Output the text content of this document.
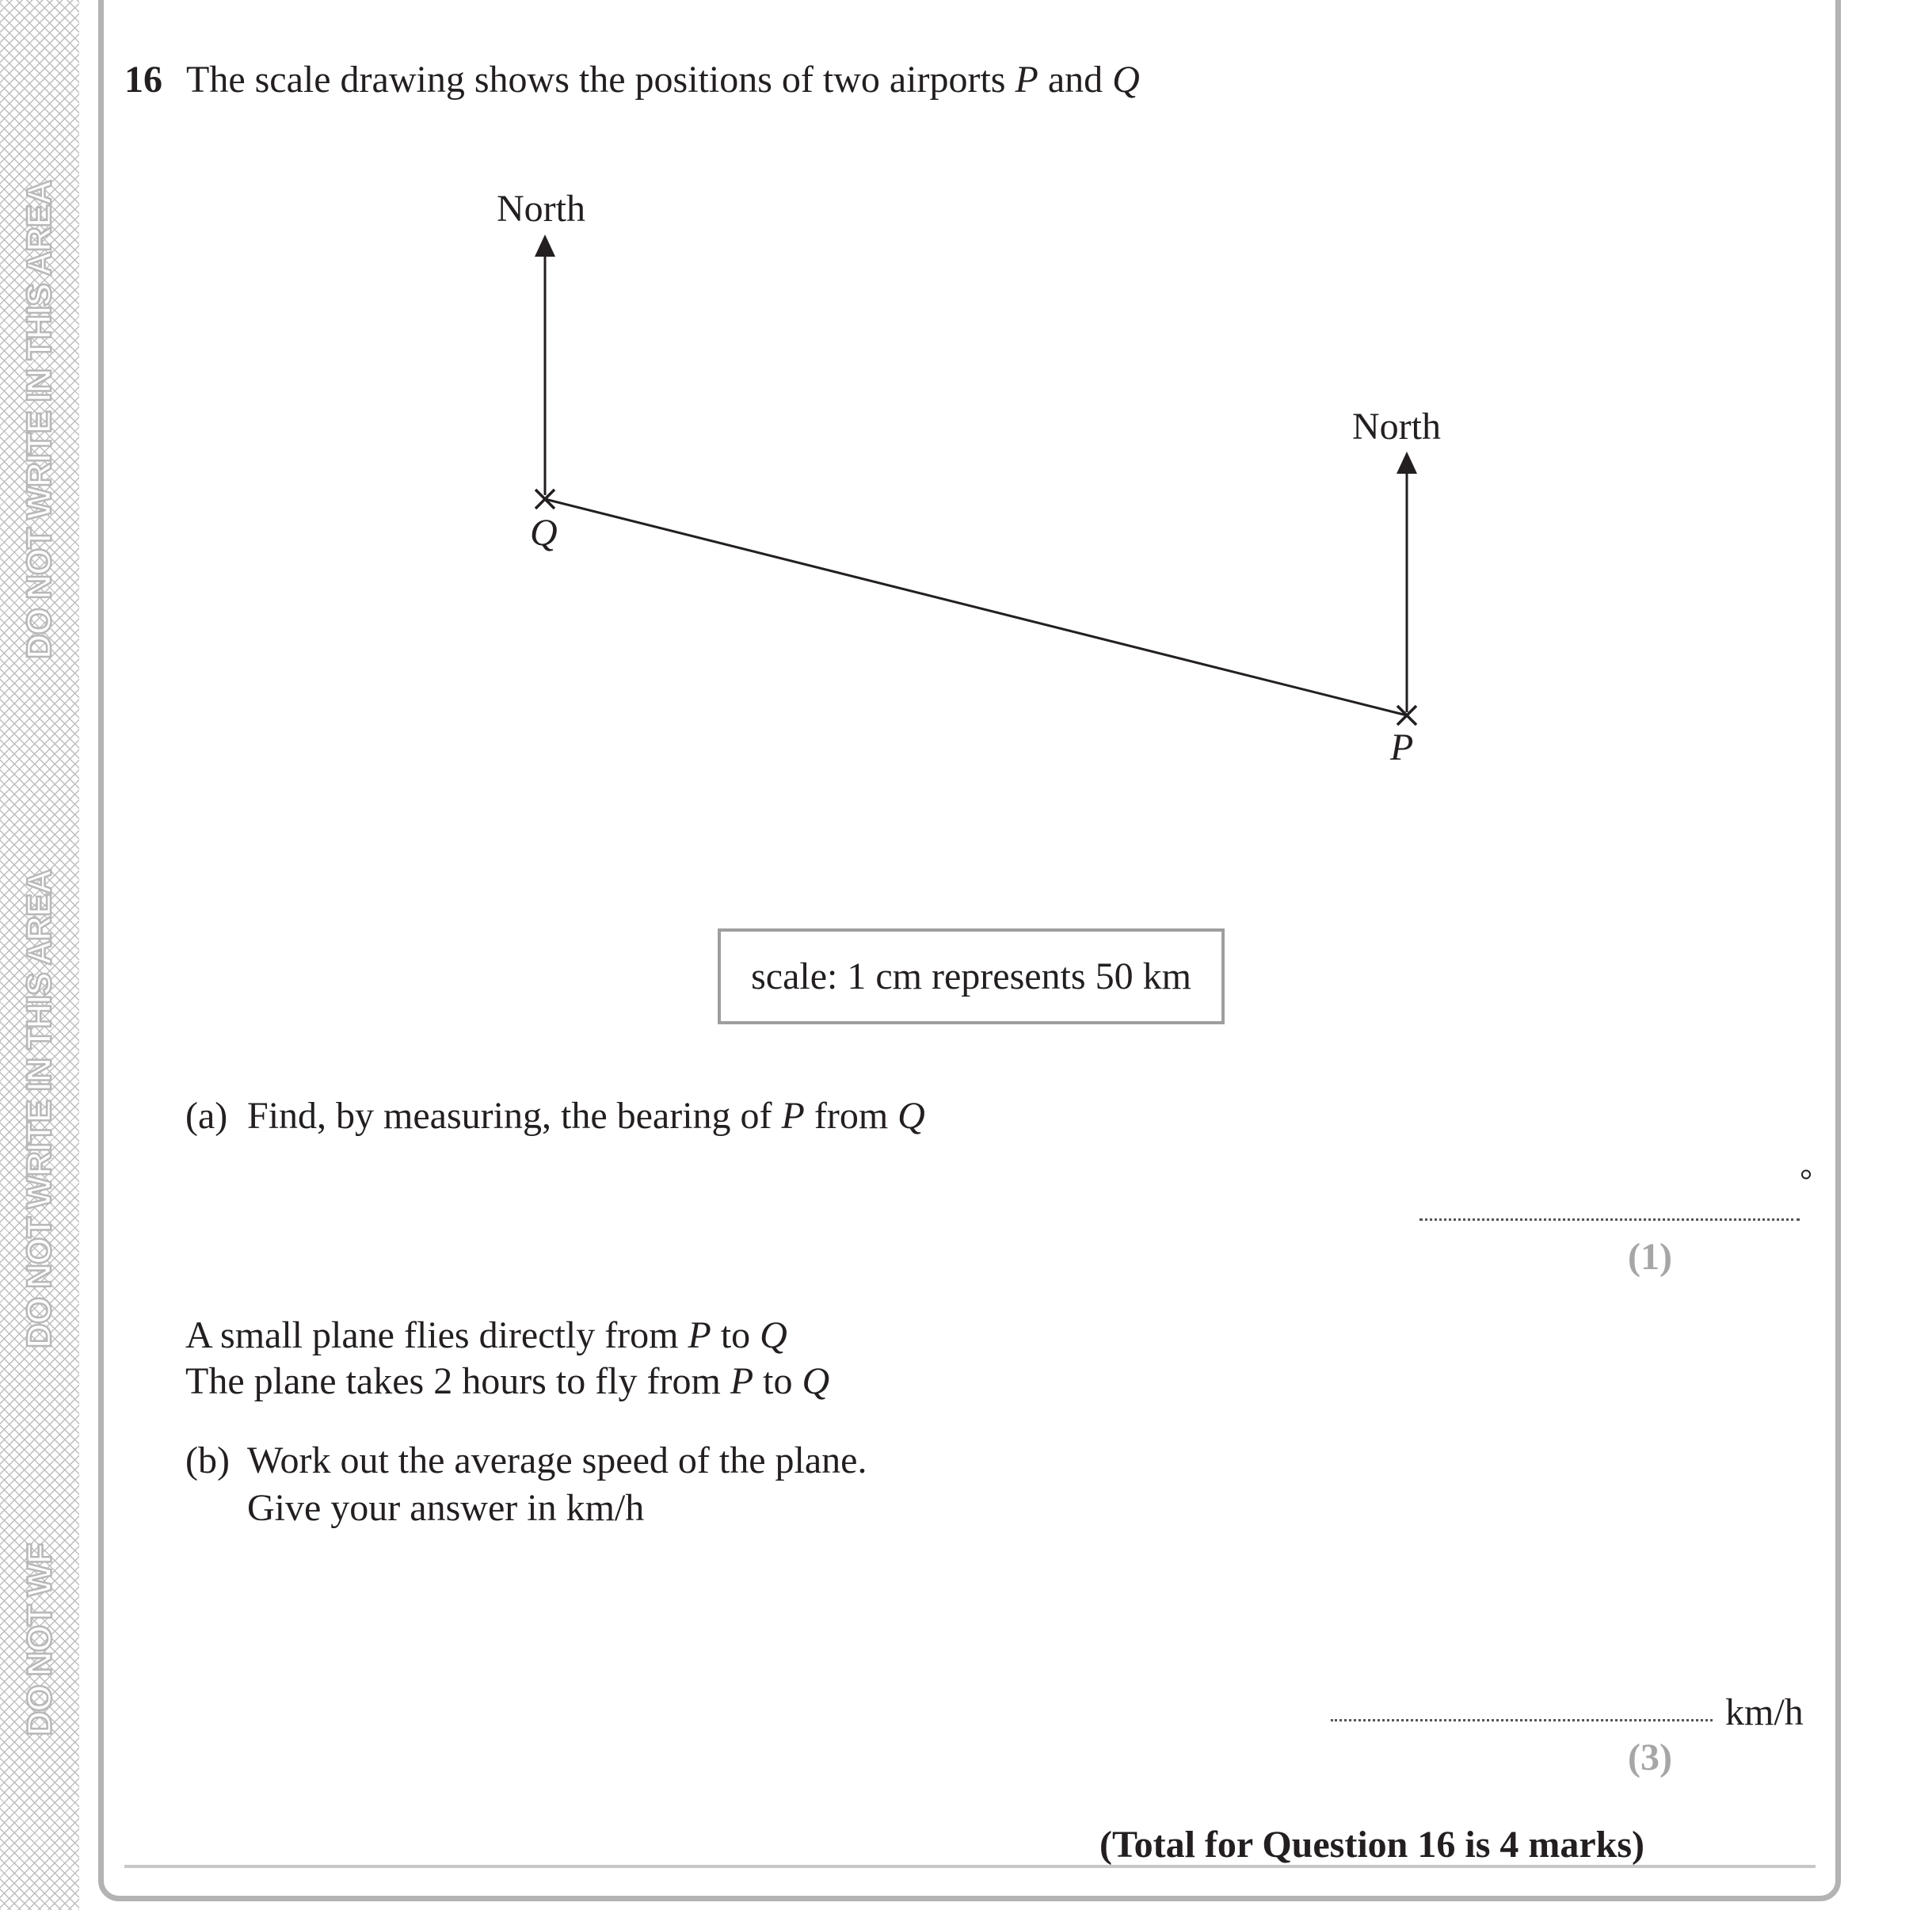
DO NOT WRITE IN THIS AREA
DO NOT WRITE IN THIS AREA
DO NOT WF
16 The scale drawing shows the positions of two airports P and Q
North
North
Q
P
scale: 1 cm represents 50 km
(a) Find, by measuring, the bearing of P from Q
°
(1)
A small plane flies directly from P to Q
The plane takes 2 hours to fly from P to Q
(b) Work out the average speed of the plane.
Give your answer in km/h
km/h
(3)
(Total for Question 16 is 4 marks)
